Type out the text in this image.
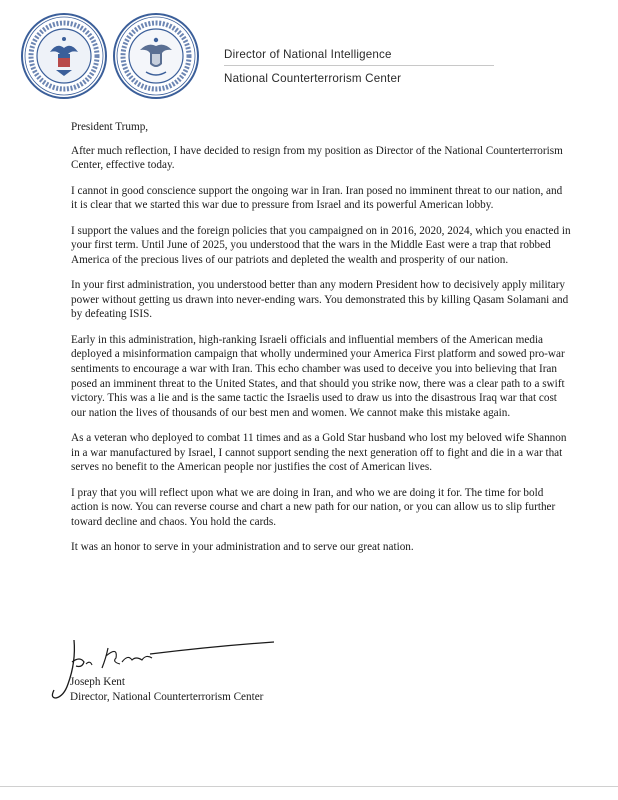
Director of National Intelligence

National Counterterrorism Center

President Trump,

After much reflection, I have decided to resign from my position as Director of the National Counterterrorism Center, effective today.

I cannot in good conscience support the ongoing war in Iran. Iran posed no imminent threat to our nation, and it is clear that we started this war due to pressure from Israel and its powerful American lobby.

I support the values and the foreign policies that you campaigned on in 2016, 2020, 2024, which you enacted in your first term. Until June of 2025, you understood that the wars in the Middle East were a trap that robbed America of the precious lives of our patriots and depleted the wealth and prosperity of our nation.

In your first administration, you understood better than any modern President how to decisively apply military power without getting us drawn into never-ending wars. You demonstrated this by killing Qasam Solamani and by defeating ISIS.

Early in this administration, high-ranking Israeli officials and influential members of the American media deployed a misinformation campaign that wholly undermined your America First platform and sowed pro-war sentiments to encourage a war with Iran. This echo chamber was used to deceive you into believing that Iran posed an imminent threat to the United States, and that should you strike now, there was a clear path to a swift victory. This was a lie and is the same tactic the Israelis used to draw us into the disastrous Iraq war that cost our nation the lives of thousands of our best men and women. We cannot make this mistake again.

As a veteran who deployed to combat 11 times and as a Gold Star husband who lost my beloved wife Shannon in a war manufactured by Israel, I cannot support sending the next generation off to fight and die in a war that serves no benefit to the American people nor justifies the cost of American lives.

I pray that you will reflect upon what we are doing in Iran, and who we are doing it for. The time for bold action is now. You can reverse course and chart a new path for our nation, or you can allow us to slip further toward decline and chaos. You hold the cards.

It was an honor to serve in your administration and to serve our great nation.

Joseph Kent
Director, National Counterterrorism Center
